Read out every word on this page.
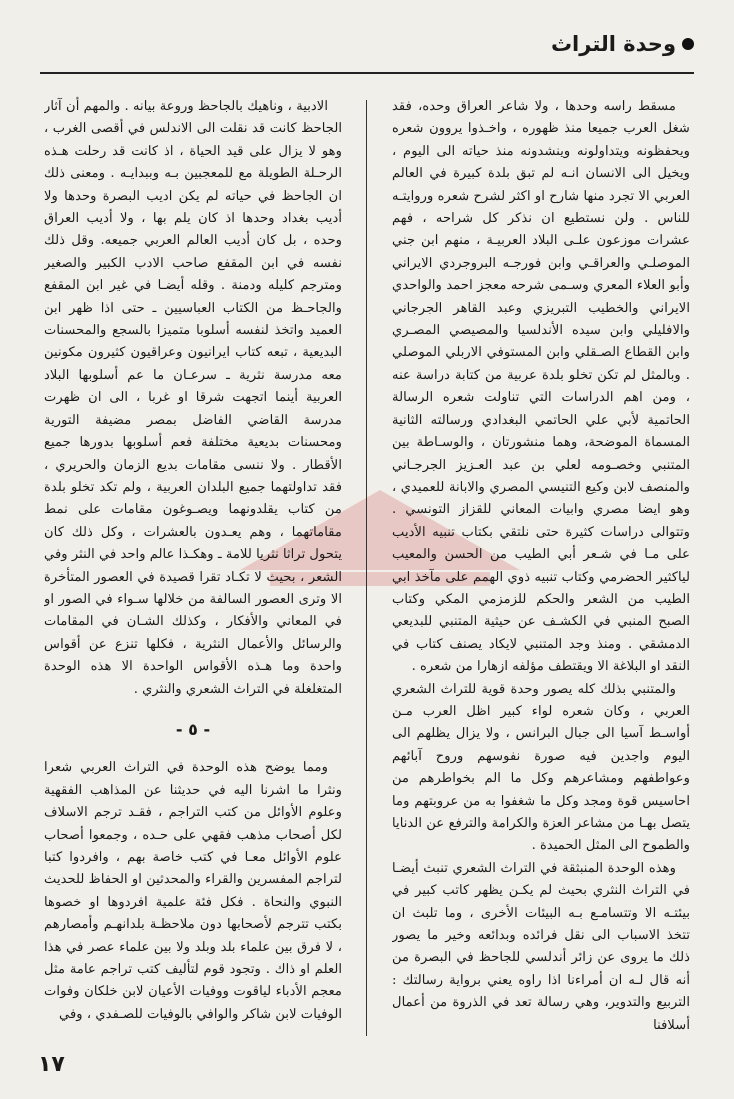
وحدة التراث

مسقط راسه وحدها ، ولا شاعر العراق وحده، فقد شغل العرب جميعا منذ ظهوره ، واخـذوا يروون شعره ويحفظونه ويتداولونه وينشدونه منذ حياته الى اليوم ، ويخيل الى الانسان انـه لم تبق بلدة كبيرة في العالم العربي الا تجرد منها شارح او اكثر لشرح شعره وروايتـه للناس . ولن نستطيع ان نذكر كل شراحه ، فهم عشرات موزعون علـى البلاد العربيـة ، منهم ابن جني الموصلـي والعراقـي وابن فورجـه البروجردي الايراني وأبو العلاء المعري وسـمى شرحه معجز احمد والواحدي الايراني والخطيب التبريزي وعبد القاهر الجرجاني والافليلي وابن سيده الأندلسيا والمصيصي المصـري وابن القطاع الصـقلي وابن المستوفي الاربلي الموصلي . وبالمثل لم تكن تخلو بلدة عربية من كتابة دراسة عنه ، ومن اهم الدراسات التي تناولت شعره الرسالة الحاتمية لأبي علي الحاتمي البغدادي ورسالته الثانية المسماة الموضحة، وهما منشورتان ، والوسـاطة بين المتنبي وخصـومه لعلي بن عبد العـزيز الجرجـاني والمنصف لابن وكيع التنيسي المصري والابانة للعميدي ، وهو ايضا مصري وابيات المعاني للقزاز التونسي . وتتوالى دراسات كثيرة حتى نلتقي بكتاب تنبيه الأديب على مـا في شـعر أبي الطيب من الحسن والمعيب لياكثير الحضرمي وكتاب تنبيه ذوي الهمم على مآخذ ابي الطيب من الشعر والحكم للزمزمي المكي وكتاب الصبح المنبي في الكشـف عن حيثية المتنبي للبديعي الدمشقي . ومنذ وجد المتنبي لايكاد يصنف كتاب في النقد او البلاغة الا ويقتطف مؤلفه ازهارا من شعره .

والمتنبي بذلك كله يصور وحدة قوية للتراث الشعري العربي ، وكان شعره لواء كبير اظل العرب مـن أواسـط آسيا الى جبال البرانس ، ولا يزال يظلهم الى اليوم واجدين فيه صورة نفوسهم وروح آبائهم وعواطفهم ومشاعرهم وكل ما الم بخواطرهم من احاسيس قوة ومجد وكل ما شغفوا به من عروبتهم وما يتصل بهـا من مشاعر العزة والكرامة والترفع عن الدنايا والطموح الى المثل الحميدة .

وهذه الوحدة المنبثقة في التراث الشعري تنبث أيضـا في التراث النثري بحيث لم يكـن يظهر كاتب كبير في بيئتـه الا وتتسامـع بـه البيئات الأخرى ، وما تلبث ان تتخذ الاسباب الى نقل فرائده وبدائعه وخير ما يصور ذلك ما يروى عن زائر أندلسي للجاحظ في البصرة من أنه قال لـه ان أمراءنا اذا راوه يعني برواية رسالتك : التربيع والتدوير، وهي رسالة تعد في الذروة من أعمال أسلافنا

الادبية ، وناهيك بالجاحظ وروعة بيانه . والمهم أن آثار الجاحظ كانت قد نقلت الى الاندلس في أقصى الغرب ، وهو لا يزال على قيد الحياة ، اذ كانت قد رحلت هـذه الرحـلة الطويلة مع للمعجبين بـه وببدايـه . ومعنى ذلك ان الجاحظ في حياته لم يكن اديب البصرة وحدها ولا أديب بغداد وحدها اذ كان يلم بها ، ولا أديب العراق وحده ، بل كان أديب العالم العربي جميعه. وقل ذلك نفسه في ابن المقفع صاحب الادب الكبير والصغير ومترجم كليله ودمنة . وقله أيضـا في غير ابن المقفع والجاحـظ من الكتاب العباسيين ـ حتى اذا ظهر ابن العميد واتخذ لنفسه أسلوبا متميزا بالسجع والمحسنات البديعية ، تبعه كتاب ايرانيون وعراقيون كثيرون مكونين معه مدرسة نثرية ـ سرعـان ما عم أسلوبها البلاد العربية أينما اتجهت شرقا او غربا ، الى ان ظهرت مدرسة القاضي الفاضل بمصر مضيفة التورية ومحسنات بديعية مختلفة فعم أسلوبها بدورها جميع الأقطار . ولا ننسى مقامات بديع الزمان والحريري ، فقد تداولتهما جميع البلدان العربية ، ولم تكد تخلو بلدة من كتاب يقلدونهما ويصـوغون مقامات على نمط مقاماتهما ، وهم يعـدون بالعشرات ، وكل ذلك كان يتحول تراثا نثريا للامة ـ وهكـذا عالم واحد في النثر وفي الشعر ، بحيث لا تكـاد تقرا قصيدة في العصور المتأخرة الا وترى العصور السالفة من خلالها سـواء في الصور او في المعاني والأفكار ، وكذلك الشـان في المقامات والرسائل والأعمال النثرية ، فكلها تنزع عن أقواس واحدة وما هـذه الأقواس الواحدة الا هذه الوحدة المتغلغلة في التراث الشعري والنثري .

- ٥ -

ومما يوضح هذه الوحدة في التراث العربي شعرا ونثرا ما اشرنا اليه في حديثنا عن المذاهب الفقهية وعلوم الأوائل من كتب التراجم ، فقـد ترجم الاسلاف لكل أصحاب مذهب فقهي على حـده ، وجمعوا أصحاب علوم الأوائل معـا في كتب خاصة بهم ، وافردوا كتبا لتراجم المفسرين والقراء والمحدثين او الحفاظ للحديث النبوي والنحاة . فكل فئة علمية افردوها او خصوها بكتب تترجم لأصحابها دون ملاحظـة بلدانهـم وأمصارهم ، لا فرق بين علماء بلد وبلد ولا بين علماء عصر في هذا العلم او ذاك . وتجود قوم لتأليف كتب تراجم عامة مثل معجم الأدباء لياقوت ووفيات الأعيان لابن خلكان وفوات الوفيات لابن شاكر والوافي بالوفيات للصـفدي ، وفي

١٧
